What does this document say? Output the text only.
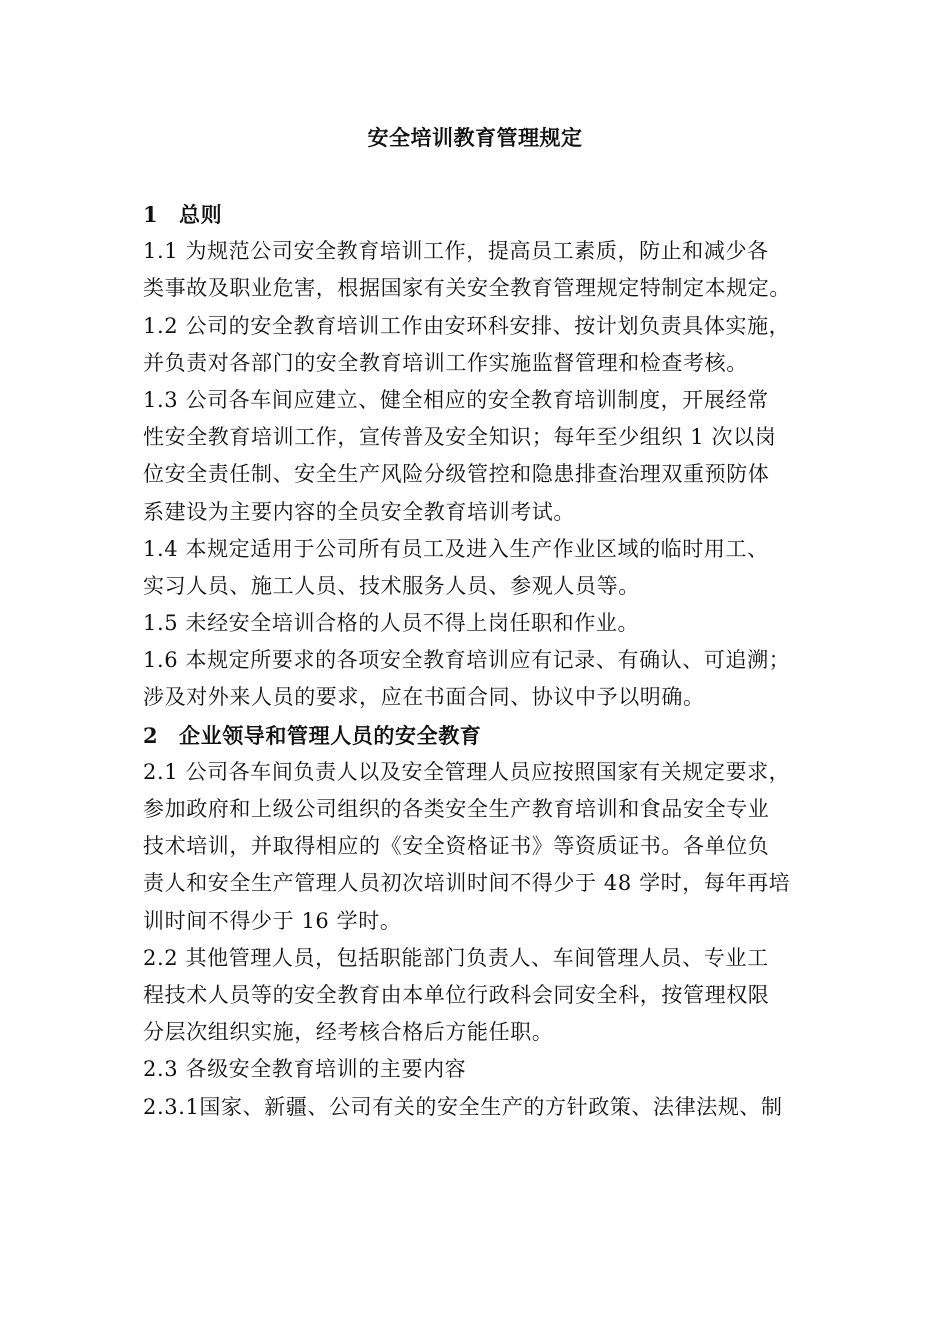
安全培训教育管理规定
1 总则
1.1 为规范公司安全教育培训工作，提高员工素质，防止和减少各
类事故及职业危害，根据国家有关安全教育管理规定特制定本规定。
1.2 公司的安全教育培训工作由安环科安排、按计划负责具体实施，
并负责对各部门的安全教育培训工作实施监督管理和检查考核。
1.3 公司各车间应建立、健全相应的安全教育培训制度，开展经常
性安全教育培训工作，宣传普及安全知识；每年至少组织 1 次以岗
位安全责任制、安全生产风险分级管控和隐患排查治理双重预防体
系建设为主要内容的全员安全教育培训考试。
1.4 本规定适用于公司所有员工及进入生产作业区域的临时用工、
实习人员、施工人员、技术服务人员、参观人员等。
1.5 未经安全培训合格的人员不得上岗任职和作业。
1.6 本规定所要求的各项安全教育培训应有记录、有确认、可追溯；
涉及对外来人员的要求，应在书面合同、协议中予以明确。
2 企业领导和管理人员的安全教育
2.1 公司各车间负责人以及安全管理人员应按照国家有关规定要求，
参加政府和上级公司组织的各类安全生产教育培训和食品安全专业
技术培训，并取得相应的《安全资格证书》等资质证书。各单位负
责人和安全生产管理人员初次培训时间不得少于 48 学时，每年再培
训时间不得少于 16 学时。
2.2 其他管理人员，包括职能部门负责人、车间管理人员、专业工
程技术人员等的安全教育由本单位行政科会同安全科，按管理权限
分层次组织实施，经考核合格后方能任职。
2.3 各级安全教育培训的主要内容
2.3.1国家、新疆、公司有关的安全生产的方针政策、法律法规、制
